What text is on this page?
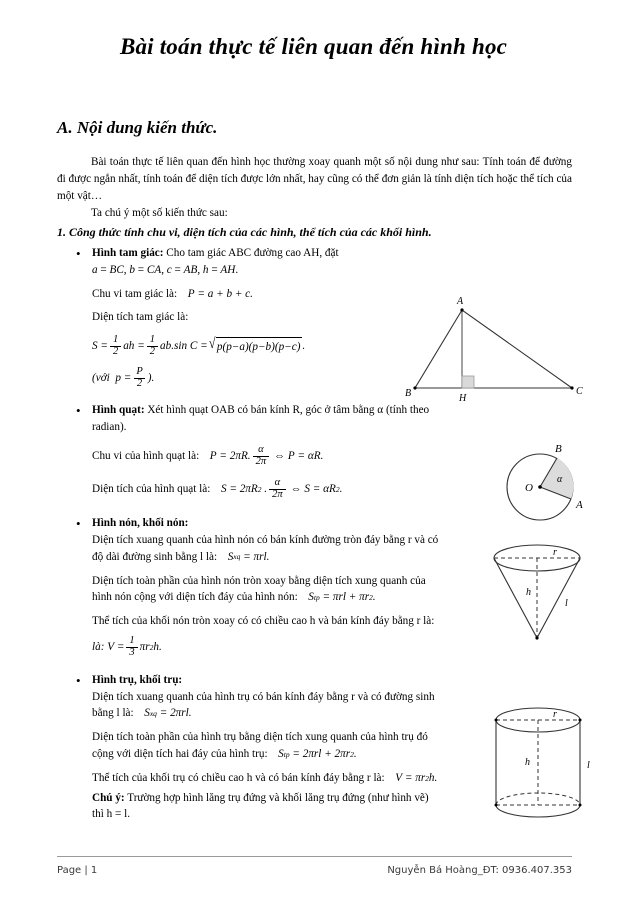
Bài toán thực tế liên quan đến hình học
A. Nội dung kiến thức.

Bài toán thực tế liên quan đến hình học thường xoay quanh một số nội dung như sau: Tính toán để đường đi được ngắn nhất, tính toán để diện tích được lớn nhất, hay cũng có thể đơn giản là tính diện tích hoặc thể tích của một vật…

Ta chú ý một số kiến thức sau:

1. Công thức tính chu vi, diện tích của các hình, thể tích của các khối hình.
• Hình tam giác: Cho tam giác ABC đường cao AH, đặt

a = BC, b = CA, c = AB, h = AH.

Chu vi tam giác là: P = a + b + c.

Diện tích tam giác là:

$S = \frac{1}{2}$ ah = $\frac{1}{2} ab.\sin$ C = √ p(p−a)(p−b)(p−c) .

(với  $p = \frac{P}{2}$ ).

• Hình quạt: Xét hình quạt OAB có bán kính R, góc ở tâm bằng α (tính theo radian).

Chu vi của hình quạt là:  P = 2πR. $\frac{\alpha}{2\pi}$ ⇔ P = αR.

Diện tích của hình quạt là:  S = 2πR 2 . $\frac{\alpha}{2\pi}$ ⇔ S = αR 2 .

• Hình nón, khối nón:

Diện tích xuang quanh của hình nón có bán kính đường tròn đáy bằng r và có độ dài đường sinh bằng l là: S xq = πrl.

Diện tích toàn phần của hình nón tròn xoay bằng diện tích xung quanh của hình nón cộng với diện tích đáy của hình nón: S tp = πrl + πr 2 .

Thể tích của khối nón tròn xoay có có chiều cao h và bán kính đáy bằng r là:

là: $V = \frac{1}{3}$ πr 2 h.

• Hình trụ, khối trụ:

Diện tích xuang quanh của hình trụ có bán kính đáy bằng r và có đường sinh bằng l là: S xq = 2πrl.

Diện tích toàn phần của hình trụ bằng diện tích xung quanh của hình trụ đó cộng với diện tích hai đáy của hình trụ: S tp = 2πrl + 2πr 2 .

Thể tích của khối trụ có chiều cao h và có bán kính đáy bằng r là: V = πr 2 h.

Chú ý: Trường hợp hình lăng trụ đứng và khối lăng trụ đứng (như hình vẽ) thì h = l.

A
B	C
H
O
B
A
α
r
h
l
r
h	l
Page | 1	Nguyễn Bá Hoàng_ĐT: 0936.407.353
